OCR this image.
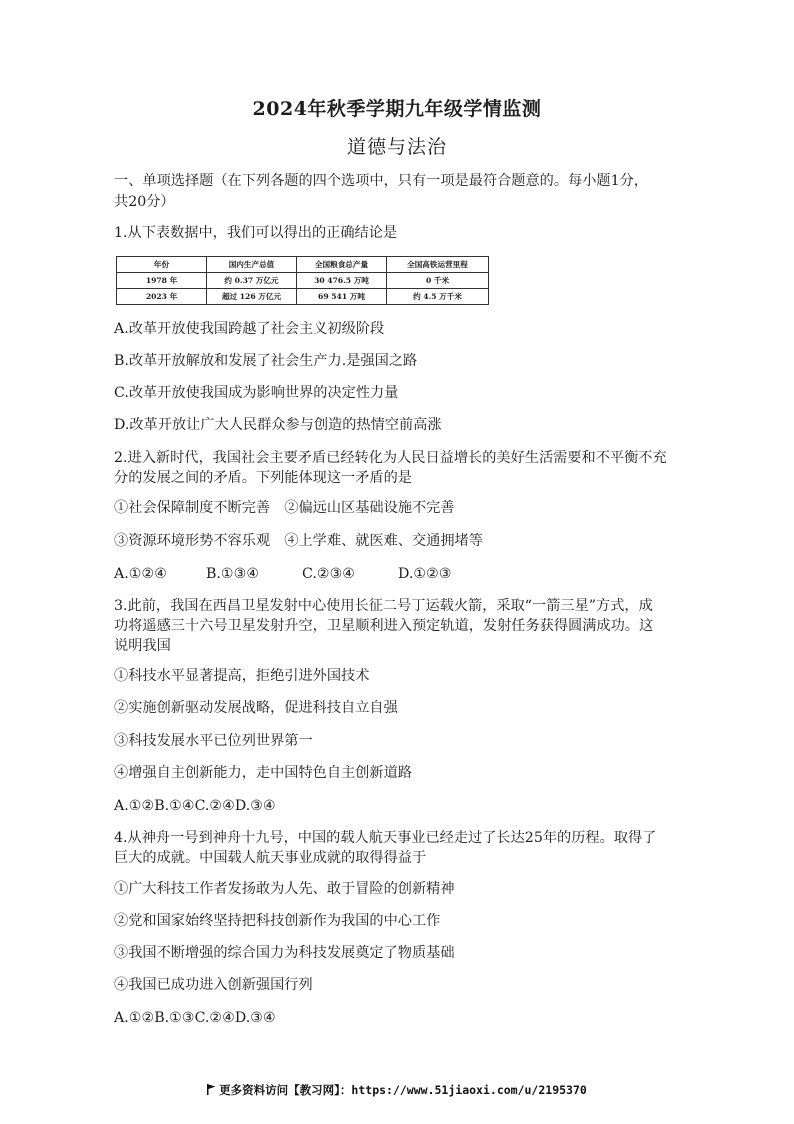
2024年秋季学期九年级学情监测
道德与法治
一、单项选择题（在下列各题的四个选项中，只有一项是最符合题意的。每小题1分，
共20分）
1.从下表数据中，我们可以得出的正确结论是
年份	国内生产总值	全国粮食总产量	全国高铁运营里程
1978 年	约 0.37 万亿元	30 476.5 万吨	0 千米
2023 年	超过 126 万亿元	69 541 万吨	约 4.5 万千米
A.改革开放使我国跨越了社会主义初级阶段
B.改革开放解放和发展了社会生产力.是强国之路
C.改革开放使我国成为影响世界的决定性力量
D.改革开放让广大人民群众参与创造的热情空前高涨
2.进入新时代，我国社会主要矛盾已经转化为人民日益增长的美好生活需要和不平衡不充
分的发展之间的矛盾。下列能体现这一矛盾的是
①社会保障制度不断完善　②偏远山区基础设施不完善
③资源环境形势不容乐观　④上学难、就医难、交通拥堵等
A.①②④	B.①③④	C.②③④	D.①②③
3.此前，我国在西昌卫星发射中心使用长征二号丁运载火箭，采取“一箭三星”方式，成
功将遥感三十六号卫星发射升空，卫星顺利进入预定轨道，发射任务获得圆满成功。这
说明我国
①科技水平显著提高，拒绝引进外国技术
②实施创新驱动发展战略，促进科技自立自强
③科技发展水平已位列世界第一
④增强自主创新能力，走中国特色自主创新道路
A.①②B.①④C.②④D.③④
4.从神舟一号到神舟十九号，中国的载人航天事业已经走过了长达25年的历程。取得了
巨大的成就。中国载人航天事业成就的取得得益于
①广大科技工作者发扬敢为人先、敢于冒险的创新精神
②党和国家始终坚持把科技创新作为我国的中心工作
③我国不断增强的综合国力为科技发展奠定了物质基础
④我国已成功进入创新强国行列
A.①②B.①③C.②④D.③④
更多资料访问【教习网】：https://www.51jiaoxi.com/u/2195370
